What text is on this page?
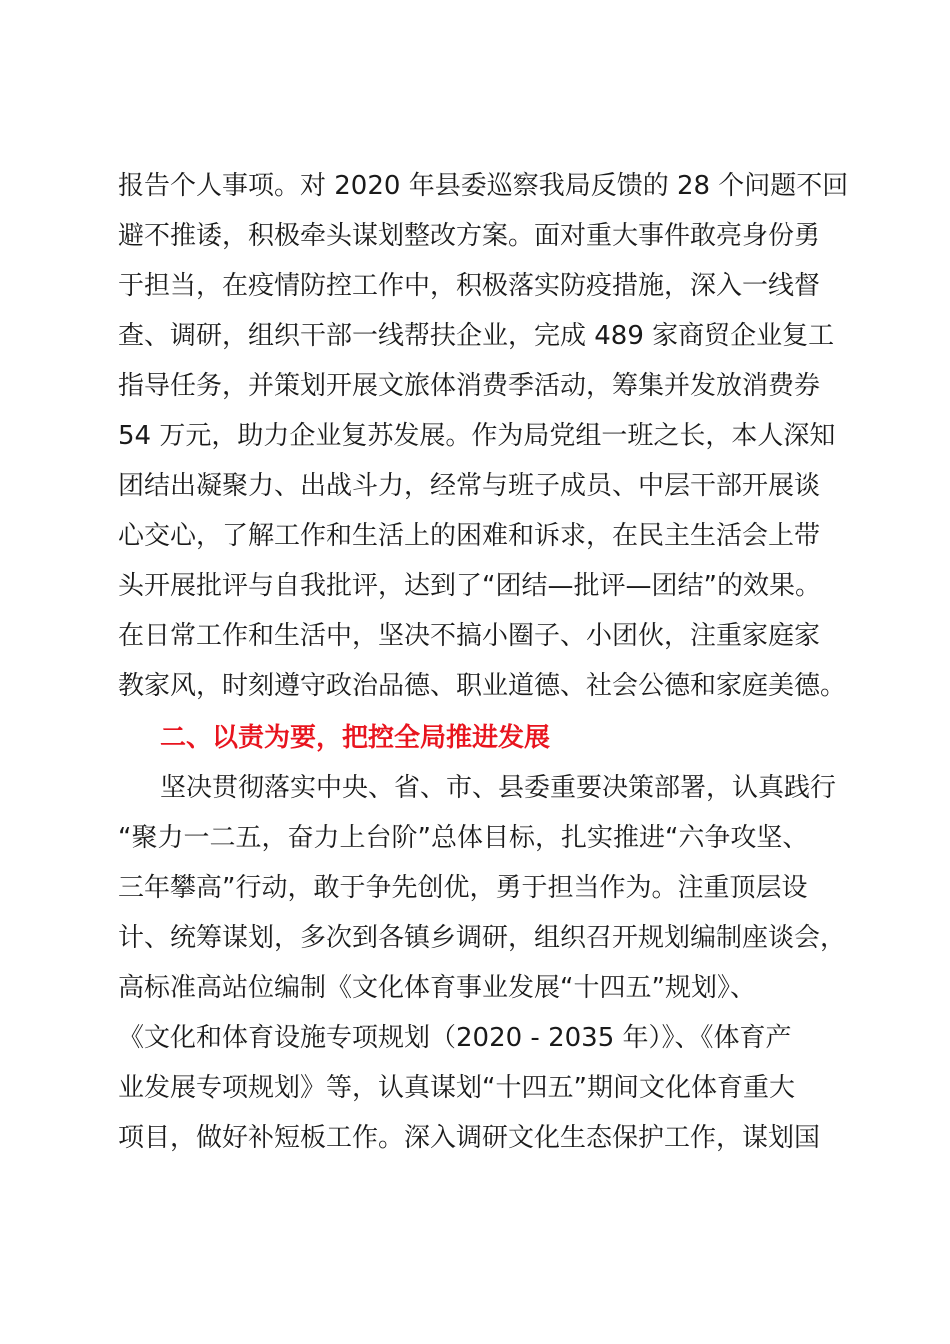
报告个人事项。对 2020 年县委巡察我局反馈的 28 个问题不回
避不推诿，积极牵头谋划整改方案。面对重大事件敢亮身份勇
于担当，在疫情防控工作中，积极落实防疫措施，深入一线督
查、调研，组织干部一线帮扶企业，完成 489 家商贸企业复工
指导任务，并策划开展文旅体消费季活动，筹集并发放消费券
54 万元，助力企业复苏发展。作为局党组一班之长，本人深知
团结出凝聚力、出战斗力，经常与班子成员、中层干部开展谈
心交心，了解工作和生活上的困难和诉求，在民主生活会上带
头开展批评与自我批评，达到了“团结—批评—团结”的效果。
在日常工作和生活中，坚决不搞小圈子、小团伙，注重家庭家
教家风，时刻遵守政治品德、职业道德、社会公德和家庭美德。
二、以责为要，把控全局推进发展
坚决贯彻落实中央、省、市、县委重要决策部署，认真践行
“聚力一二五，奋力上台阶”总体目标，扎实推进“六争攻坚、
三年攀高”行动，敢于争先创优，勇于担当作为。注重顶层设
计、统筹谋划，多次到各镇乡调研，组织召开规划编制座谈会，
高标准高站位编制《文化体育事业发展“十四五”规划》、
《文化和体育设施专项规划（2020 - 2035 年）》、《体育产
业发展专项规划》等，认真谋划“十四五”期间文化体育重大
项目，做好补短板工作。深入调研文化生态保护工作，谋划国
